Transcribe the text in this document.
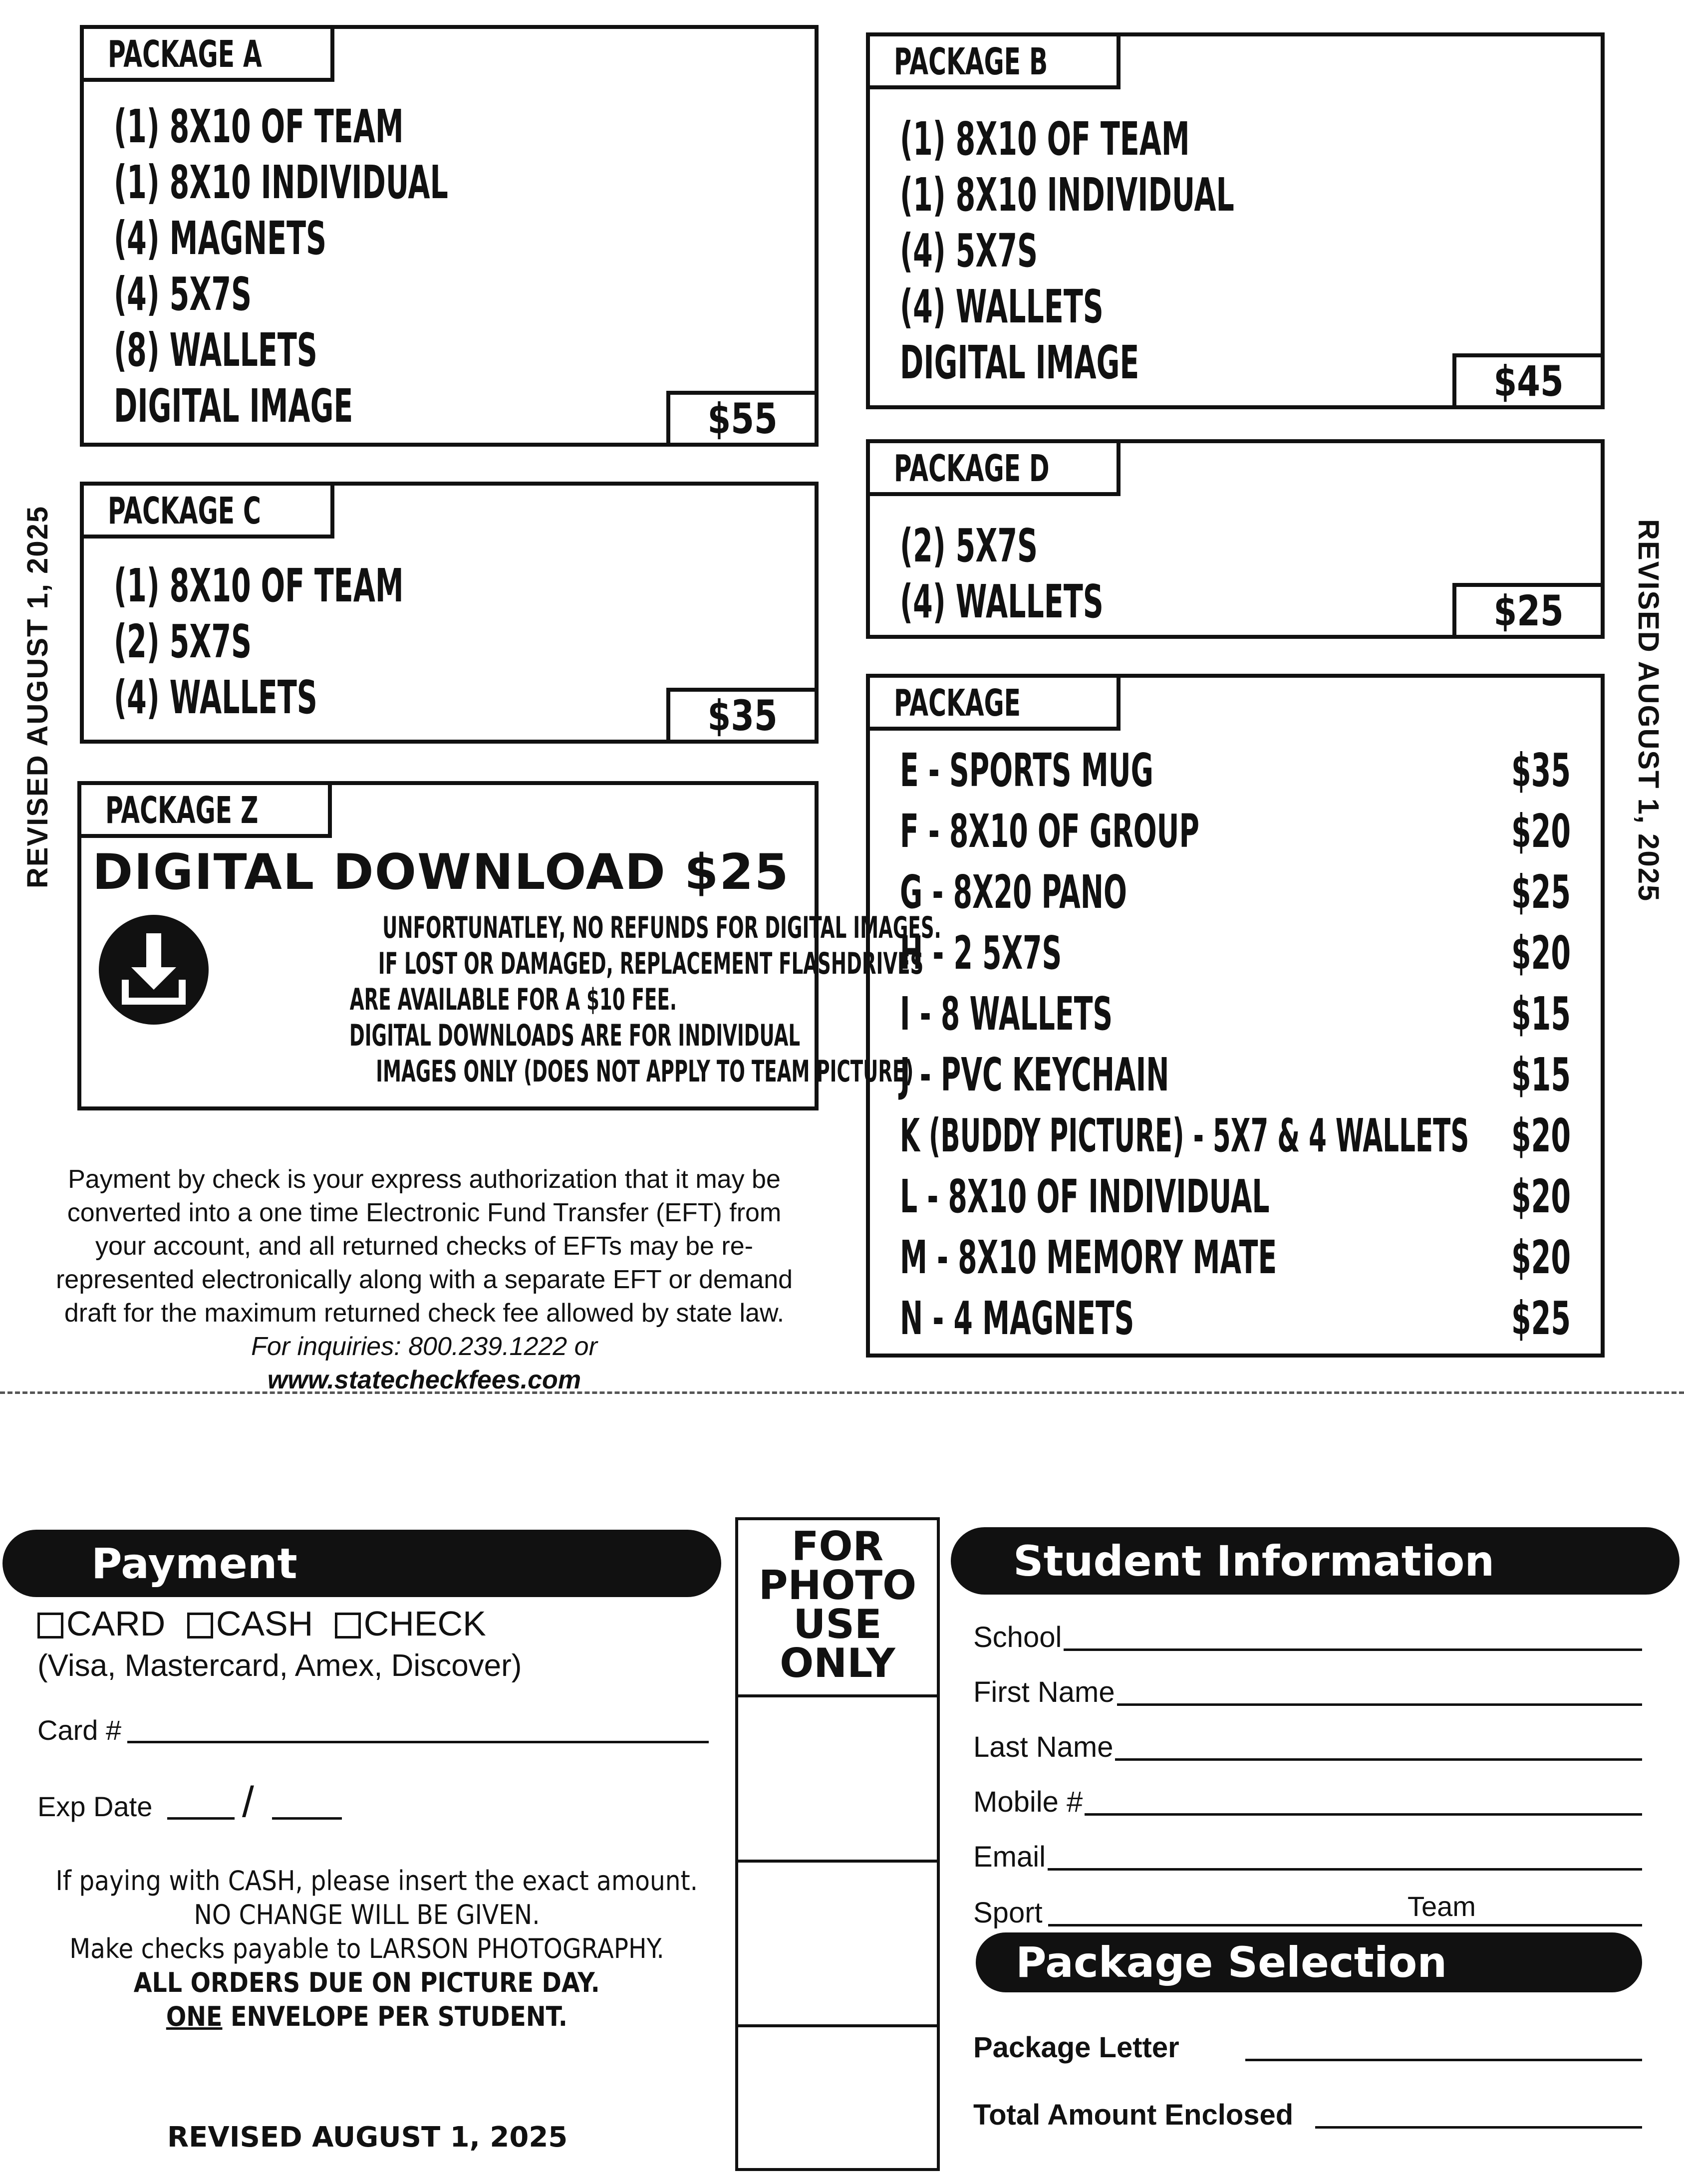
REVISED AUGUST 1, 2025	REVISED AUGUST 1, 2025
PACKAGE A
(1) 8X10 OF TEAM
(1) 8X10 INDIVIDUAL
(4) MAGNETS
(4) 5X7S
(8) WALLETS
DIGITAL IMAGE	$55
PACKAGE B
(1) 8X10 OF TEAM
(1) 8X10 INDIVIDUAL
(4) 5X7S
(4) WALLETS
DIGITAL IMAGE	$45
PACKAGE C
(1) 8X10 OF TEAM
(2) 5X7S
(4) WALLETS	$35
PACKAGE D
(2) 5X7S
(4) WALLETS	$25
PACKAGE Z
DIGITAL DOWNLOAD $25
UNFORTUNATLEY, NO REFUNDS FOR DIGITAL IMAGES.
IF LOST OR DAMAGED, REPLACEMENT FLASHDRIVES
ARE AVAILABLE FOR A $10 FEE.
DIGITAL DOWNLOADS ARE FOR INDIVIDUAL
IMAGES ONLY (DOES NOT APPLY TO TEAM PICTURE)
PACKAGE
E - SPORTS MUG	$35
F - 8X10 OF GROUP	$20
G - 8X20 PANO	$25
H - 2 5X7S	$20
I - 8 WALLETS	$15
J - PVC KEYCHAIN	$15
K (BUDDY PICTURE) - 5X7 & 4 WALLETS $20
L - 8X10 OF INDIVIDUAL	$20
M - 8X10 MEMORY MATE	$20
N - 4 MAGNETS	$25
Payment by check is your express authorization that it may be converted into a one time Electronic Fund Transfer (EFT) from your account, and all returned checks of EFTs may be re-represented electronically along with a separate EFT or demand draft for the maximum returned check fee allowed by state law. For inquiries: 800.239.1222 or
www.statecheckfees.com
Payment
CARD CASH CHECK
(Visa, Mastercard, Amex, Discover)
Card #
Exp Date /
If paying with CASH, please insert the exact amount.
NO CHANGE WILL BE GIVEN.
Make checks payable to LARSON PHOTOGRAPHY.
ALL ORDERS DUE ON PICTURE DAY.
ONE ENVELOPE PER STUDENT.
REVISED AUGUST 1, 2025
FOR
PHOTO
USE
ONLY
Student Information
School
First Name
Last Name
Mobile #
Email
Sport	Team
Package Selection
Package Letter
Total Amount Enclosed
